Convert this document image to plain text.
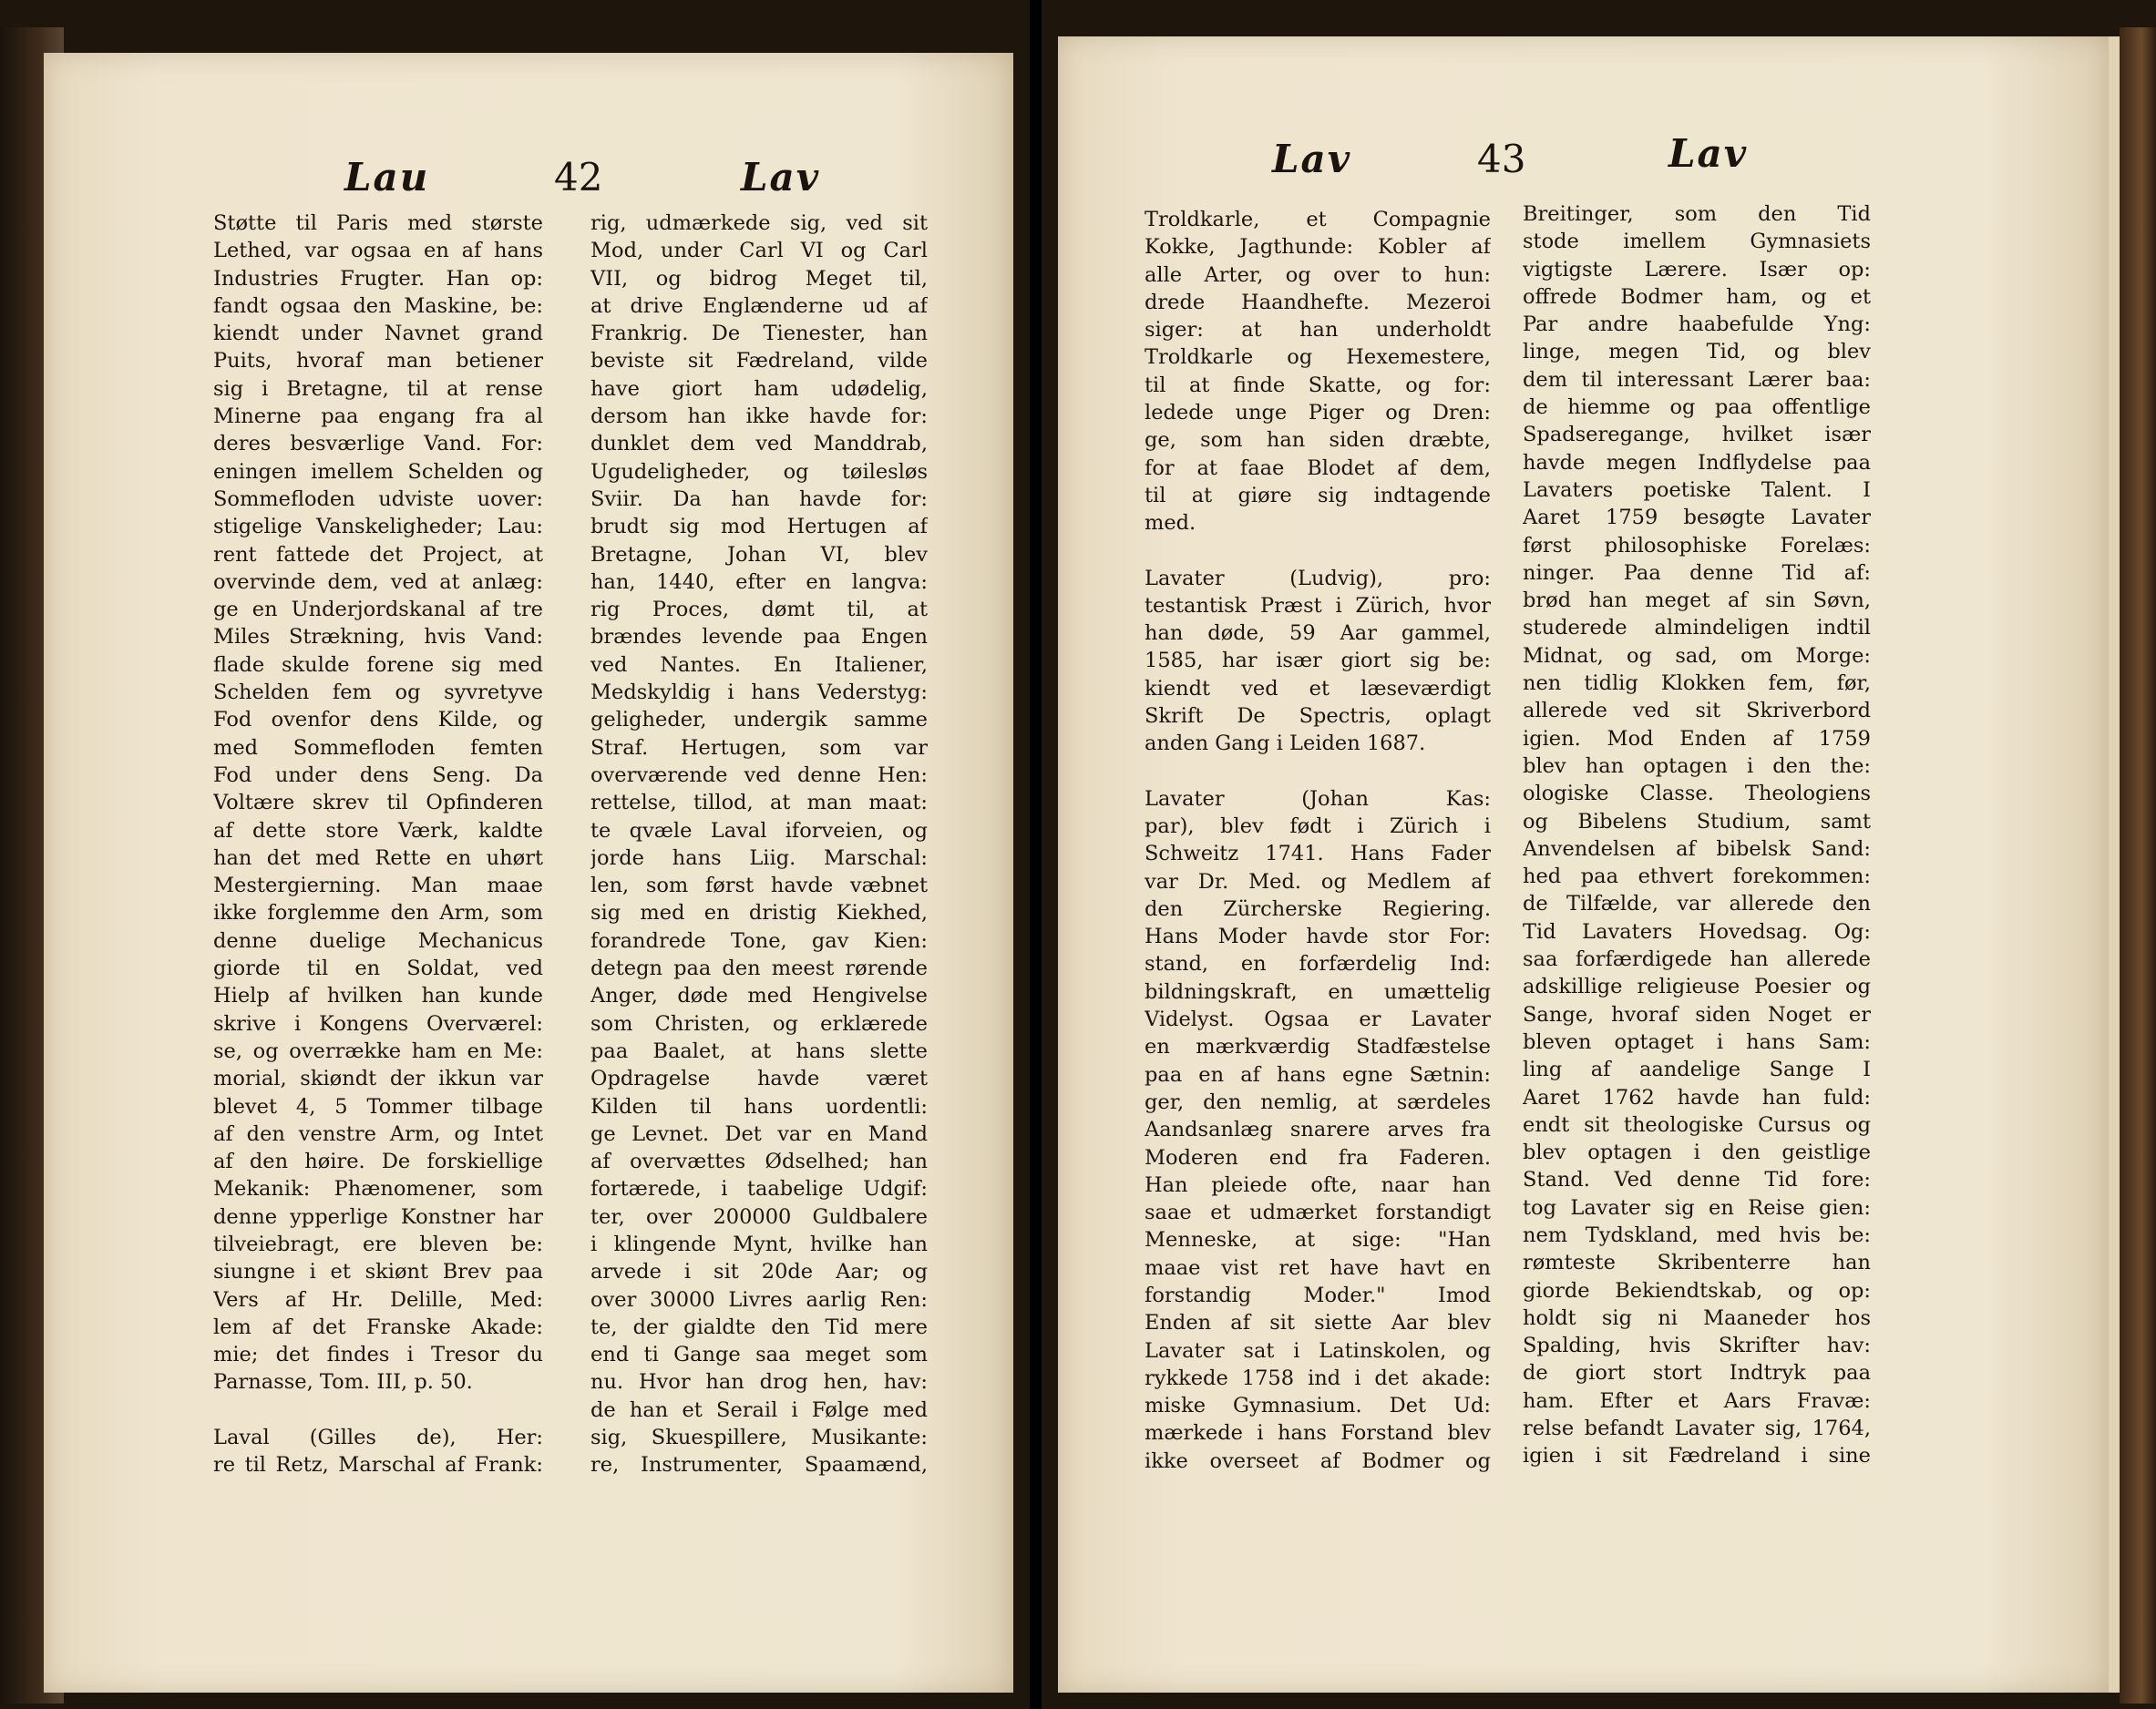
Lau	42	Lav
Støtte til Paris med største
Lethed, var ogsaa en af hans
Industries Frugter. Han op:
fandt ogsaa den Maskine, be:
kiendt under Navnet grand
Puits, hvoraf man betiener
sig i Bretagne, til at rense
Minerne paa engang fra al
deres besværlige Vand. For:
eningen imellem Schelden og
Sommefloden udviste uover:
stigelige Vanskeligheder; Lau:
rent fattede det Project, at
overvinde dem, ved at anlæg:
ge en Underjordskanal af tre
Miles Strækning, hvis Vand:
flade skulde forene sig med
Schelden fem og syvretyve
Fod ovenfor dens Kilde, og
med Sommefloden femten
Fod under dens Seng. Da
Voltære skrev til Opfinderen
af dette store Værk, kaldte
han det med Rette en uhørt
Mestergierning. Man maae
ikke forglemme den Arm, som
denne duelige Mechanicus
giorde til en Soldat, ved
Hielp af hvilken han kunde
skrive i Kongens Overværel:
se, og overrække ham en Me:
morial, skiøndt der ikkun var
blevet 4, 5 Tommer tilbage
af den venstre Arm, og Intet
af den høire. De forskiellige
Mekanik: Phænomener, som
denne ypperlige Konstner har
tilveiebragt, ere bleven be:
siungne i et skiønt Brev paa
Vers af Hr. Delille, Med:
lem af det Franske Akade:
mie; det findes i Tresor du
Parnasse, Tom. III, p. 50.
Laval (Gilles de), Her:
re til Retz, Marschal af Frank:
rig, udmærkede sig, ved sit
Mod, under Carl VI og Carl
VII, og bidrog Meget til,
at drive Englænderne ud af
Frankrig. De Tienester, han
beviste sit Fædreland, vilde
have giort ham udødelig,
dersom han ikke havde for:
dunklet dem ved Manddrab,
Ugudeligheder, og tøilesløs
Sviir. Da han havde for:
brudt sig mod Hertugen af
Bretagne, Johan VI, blev
han, 1440, efter en langva:
rig Proces, dømt til, at
brændes levende paa Engen
ved Nantes. En Italiener,
Medskyldig i hans Vederstyg:
geligheder, undergik samme
Straf. Hertugen, som var
overværende ved denne Hen:
rettelse, tillod, at man maat:
te qvæle Laval iforveien, og
jorde hans Liig. Marschal:
len, som først havde væbnet
sig med en dristig Kiekhed,
forandrede Tone, gav Kien:
detegn paa den meest rørende
Anger, døde med Hengivelse
som Christen, og erklærede
paa Baalet, at hans slette
Opdragelse havde været
Kilden til hans uordentli:
ge Levnet. Det var en Mand
af overvættes Ødselhed; han
fortærede, i taabelige Udgif:
ter, over 200000 Guldbalere
i klingende Mynt, hvilke han
arvede i sit 20de Aar; og
over 30000 Livres aarlig Ren:
te, der gialdte den Tid mere
end ti Gange saa meget som
nu. Hvor han drog hen, hav:
de han et Serail i Følge med
sig, Skuespillere, Musikante:
re, Instrumenter, Spaamænd,
Lav	43	Lav
Troldkarle, et Compagnie
Kokke, Jagthunde: Kobler af
alle Arter, og over to hun:
drede Haandhefte. Mezeroi
siger: at han underholdt
Troldkarle og Hexemestere,
til at finde Skatte, og for:
ledede unge Piger og Dren:
ge, som han siden dræbte,
for at faae Blodet af dem,
til at giøre sig indtagende
med.
Lavater (Ludvig), pro:
testantisk Præst i Zürich, hvor
han døde, 59 Aar gammel,
1585, har især giort sig be:
kiendt ved et læseværdigt
Skrift De Spectris, oplagt
anden Gang i Leiden 1687.
Lavater (Johan Kas:
par), blev født i Zürich i
Schweitz 1741. Hans Fader
var Dr. Med. og Medlem af
den Zürcherske Regiering.
Hans Moder havde stor For:
stand, en forfærdelig Ind:
bildningskraft, en umættelig
Videlyst. Ogsaa er Lavater
en mærkværdig Stadfæstelse
paa en af hans egne Sætnin:
ger, den nemlig, at særdeles
Aandsanlæg snarere arves fra
Moderen end fra Faderen.
Han pleiede ofte, naar han
saae et udmærket forstandigt
Menneske, at sige: "Han
maae vist ret have havt en
forstandig Moder." Imod
Enden af sit siette Aar blev
Lavater sat i Latinskolen, og
rykkede 1758 ind i det akade:
miske Gymnasium. Det Ud:
mærkede i hans Forstand blev
ikke overseet af Bodmer og
Breitinger, som den Tid
stode imellem Gymnasiets
vigtigste Lærere. Især op:
offrede Bodmer ham, og et
Par andre haabefulde Yng:
linge, megen Tid, og blev
dem til interessant Lærer baa:
de hiemme og paa offentlige
Spadseregange, hvilket især
havde megen Indflydelse paa
Lavaters poetiske Talent. I
Aaret 1759 besøgte Lavater
først philosophiske Forelæs:
ninger. Paa denne Tid af:
brød han meget af sin Søvn,
studerede almindeligen indtil
Midnat, og sad, om Morge:
nen tidlig Klokken fem, før,
allerede ved sit Skriverbord
igien. Mod Enden af 1759
blev han optagen i den the:
ologiske Classe. Theologiens
og Bibelens Studium, samt
Anvendelsen af bibelsk Sand:
hed paa ethvert forekommen:
de Tilfælde, var allerede den
Tid Lavaters Hovedsag. Og:
saa forfærdigede han allerede
adskillige religieuse Poesier og
Sange, hvoraf siden Noget er
bleven optaget i hans Sam:
ling af aandelige Sange I
Aaret 1762 havde han fuld:
endt sit theologiske Cursus og
blev optagen i den geistlige
Stand. Ved denne Tid fore:
tog Lavater sig en Reise gien:
nem Tydskland, med hvis be:
rømteste Skribenterre han
giorde Bekiendtskab, og op:
holdt sig ni Maaneder hos
Spalding, hvis Skrifter hav:
de giort stort Indtryk paa
ham. Efter et Aars Fravæ:
relse befandt Lavater sig, 1764,
igien i sit Fædreland i sine
